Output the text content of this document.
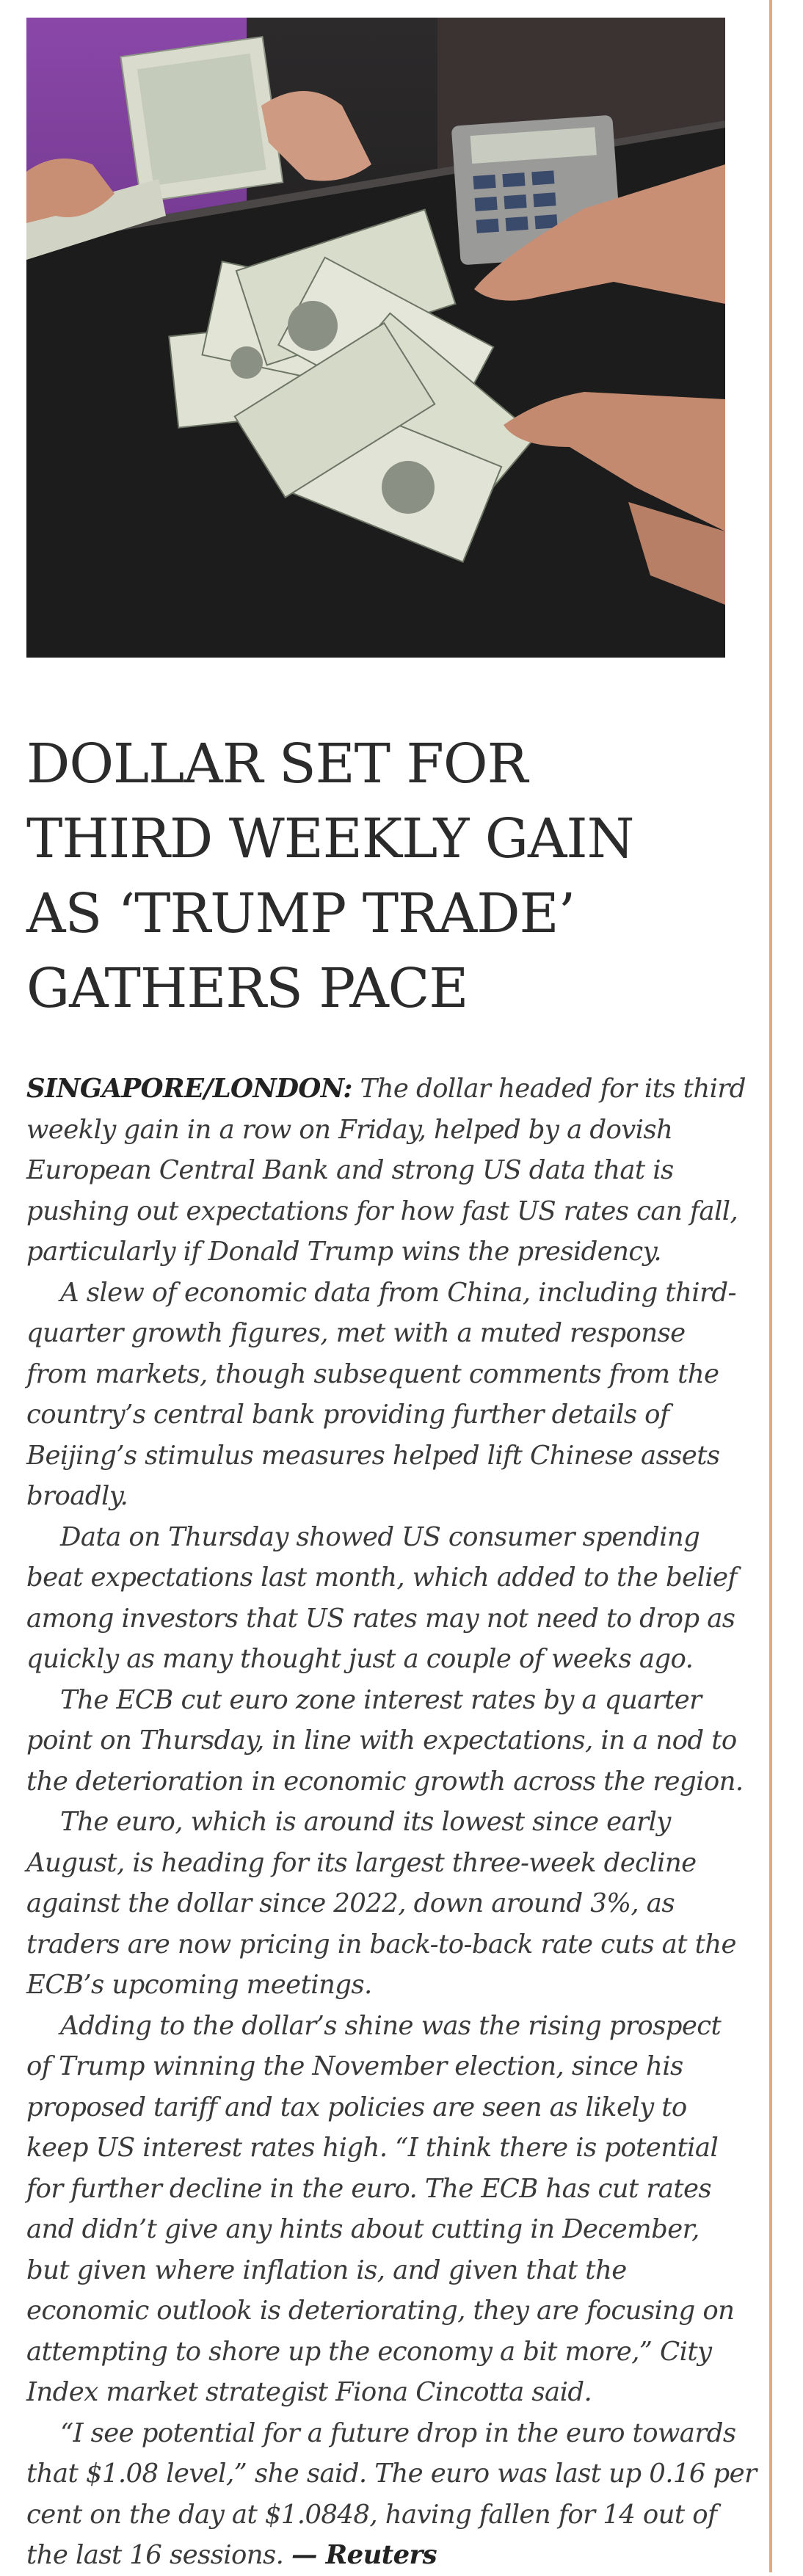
DOLLAR SET FOR
THIRD WEEKLY GAIN
AS ‘TRUMP TRADE’
GATHERS PACE
SINGAPORE/LONDON: The dollar headed for its third
weekly gain in a row on Friday, helped by a dovish
European Central Bank and strong US data that is
pushing out expectations for how fast US rates can fall,
particularly if Donald Trump wins the presidency.
A slew of economic data from China, including third-
quarter growth figures, met with a muted response
from markets, though subsequent comments from the
country’s central bank providing further details of
Beijing’s stimulus measures helped lift Chinese assets
broadly.
Data on Thursday showed US consumer spending
beat expectations last month, which added to the belief
among investors that US rates may not need to drop as
quickly as many thought just a couple of weeks ago.
The ECB cut euro zone interest rates by a quarter
point on Thursday, in line with expectations, in a nod to
the deterioration in economic growth across the region.
The euro, which is around its lowest since early
August, is heading for its largest three-week decline
against the dollar since 2022, down around 3%, as
traders are now pricing in back-to-back rate cuts at the
ECB’s upcoming meetings.
Adding to the dollar’s shine was the rising prospect
of Trump winning the November election, since his
proposed tariff and tax policies are seen as likely to
keep US interest rates high. “I think there is potential
for further decline in the euro. The ECB has cut rates
and didn’t give any hints about cutting in December,
but given where inflation is, and given that the
economic outlook is deteriorating, they are focusing on
attempting to shore up the economy a bit more,” City
Index market strategist Fiona Cincotta said.
“I see potential for a future drop in the euro towards
that $1.08 level,” she said. The euro was last up 0.16 per
cent on the day at $1.0848, having fallen for 14 out of
the last 16 sessions. — Reuters
